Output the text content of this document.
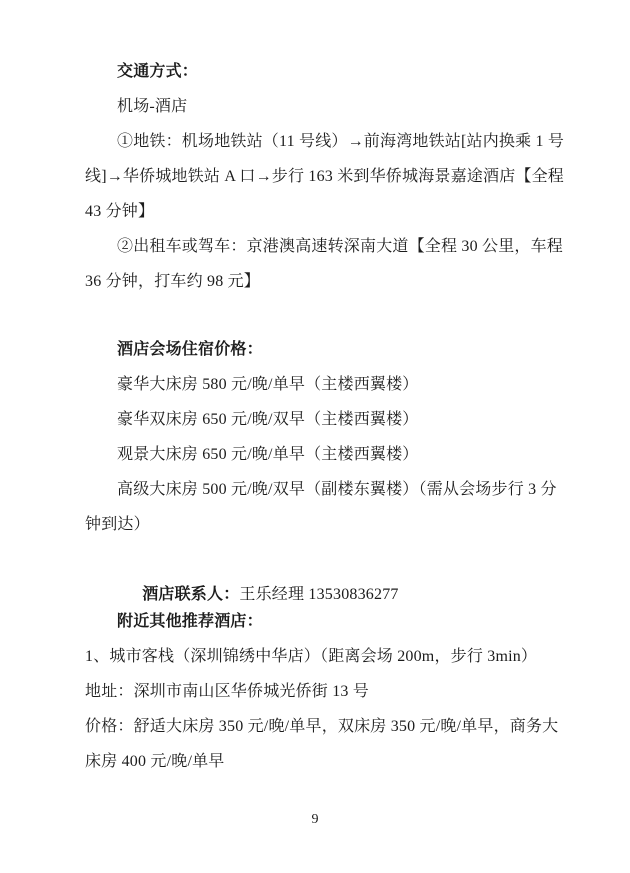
交通方式：
机场-酒店
①地铁：机场地铁站（11 号线）→前海湾地铁站[站内换乘 1 号
线]→华侨城地铁站 A 口→步行 163 米到华侨城海景嘉途酒店【全程
43 分钟】
②出租车或驾车：京港澳高速转深南大道【全程 30 公里，车程
36 分钟，打车约 98 元】
酒店会场住宿价格：
豪华大床房 580 元/晚/单早（主楼西翼楼）
豪华双床房 650 元/晚/双早（主楼西翼楼）
观景大床房 650 元/晚/单早（主楼西翼楼）
高级大床房 500 元/晚/双早（副楼东翼楼）（需从会场步行 3 分
钟到达）

酒店联系人：王乐经理 13530836277

附近其他推荐酒店：
1、城市客栈（深圳锦绣中华店）（距离会场 200m，步行 3min）
地址：深圳市南山区华侨城光侨街 13 号
价格：舒适大床房 350 元/晚/单早，双床房 350 元/晚/单早，商务大
床房 400 元/晚/单早
9
